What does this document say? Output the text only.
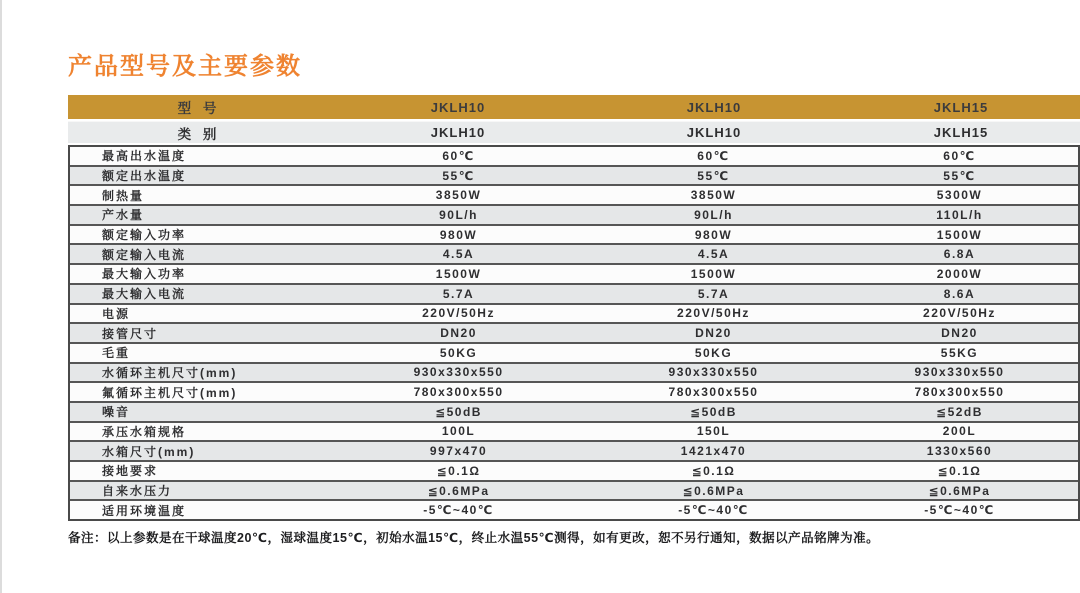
产品型号及主要参数
型 号	JKLH10	JKLH10	JKLH15
类 别	JKLH10	JKLH10	JKLH15
最高出水温度	60℃	60℃	60℃
额定出水温度	55℃	55℃	55℃
制热量	3850W	3850W	5300W
产水量	90L/h	90L/h	110L/h
额定输入功率	980W	980W	1500W
额定输入电流	4.5A	4.5A	6.8A
最大输入功率	1500W	1500W	2000W
最大输入电流	5.7A	5.7A	8.6A
电源	220V/50Hz	220V/50Hz	220V/50Hz
接管尺寸	DN20	DN20	DN20
毛重	50KG	50KG	55KG
水循环主机尺寸(mm)	930x330x550	930x330x550	930x330x550
氟循环主机尺寸(mm)	780x300x550	780x300x550	780x300x550
噪音	≦50dB	≦50dB	≦52dB
承压水箱规格	100L	150L	200L
水箱尺寸(mm)	997x470	1421x470	1330x560
接地要求	≦0.1Ω	≦0.1Ω	≦0.1Ω
自来水压力	≦0.6MPa	≦0.6MPa	≦0.6MPa
适用环境温度	-5℃~40℃	-5℃~40℃	-5℃~40℃

备注：以上参数是在干球温度20℃，湿球温度15℃，初始水温15℃，终止水温55℃测得，如有更改，恕不另行通知，数据以产品铭牌为准。
